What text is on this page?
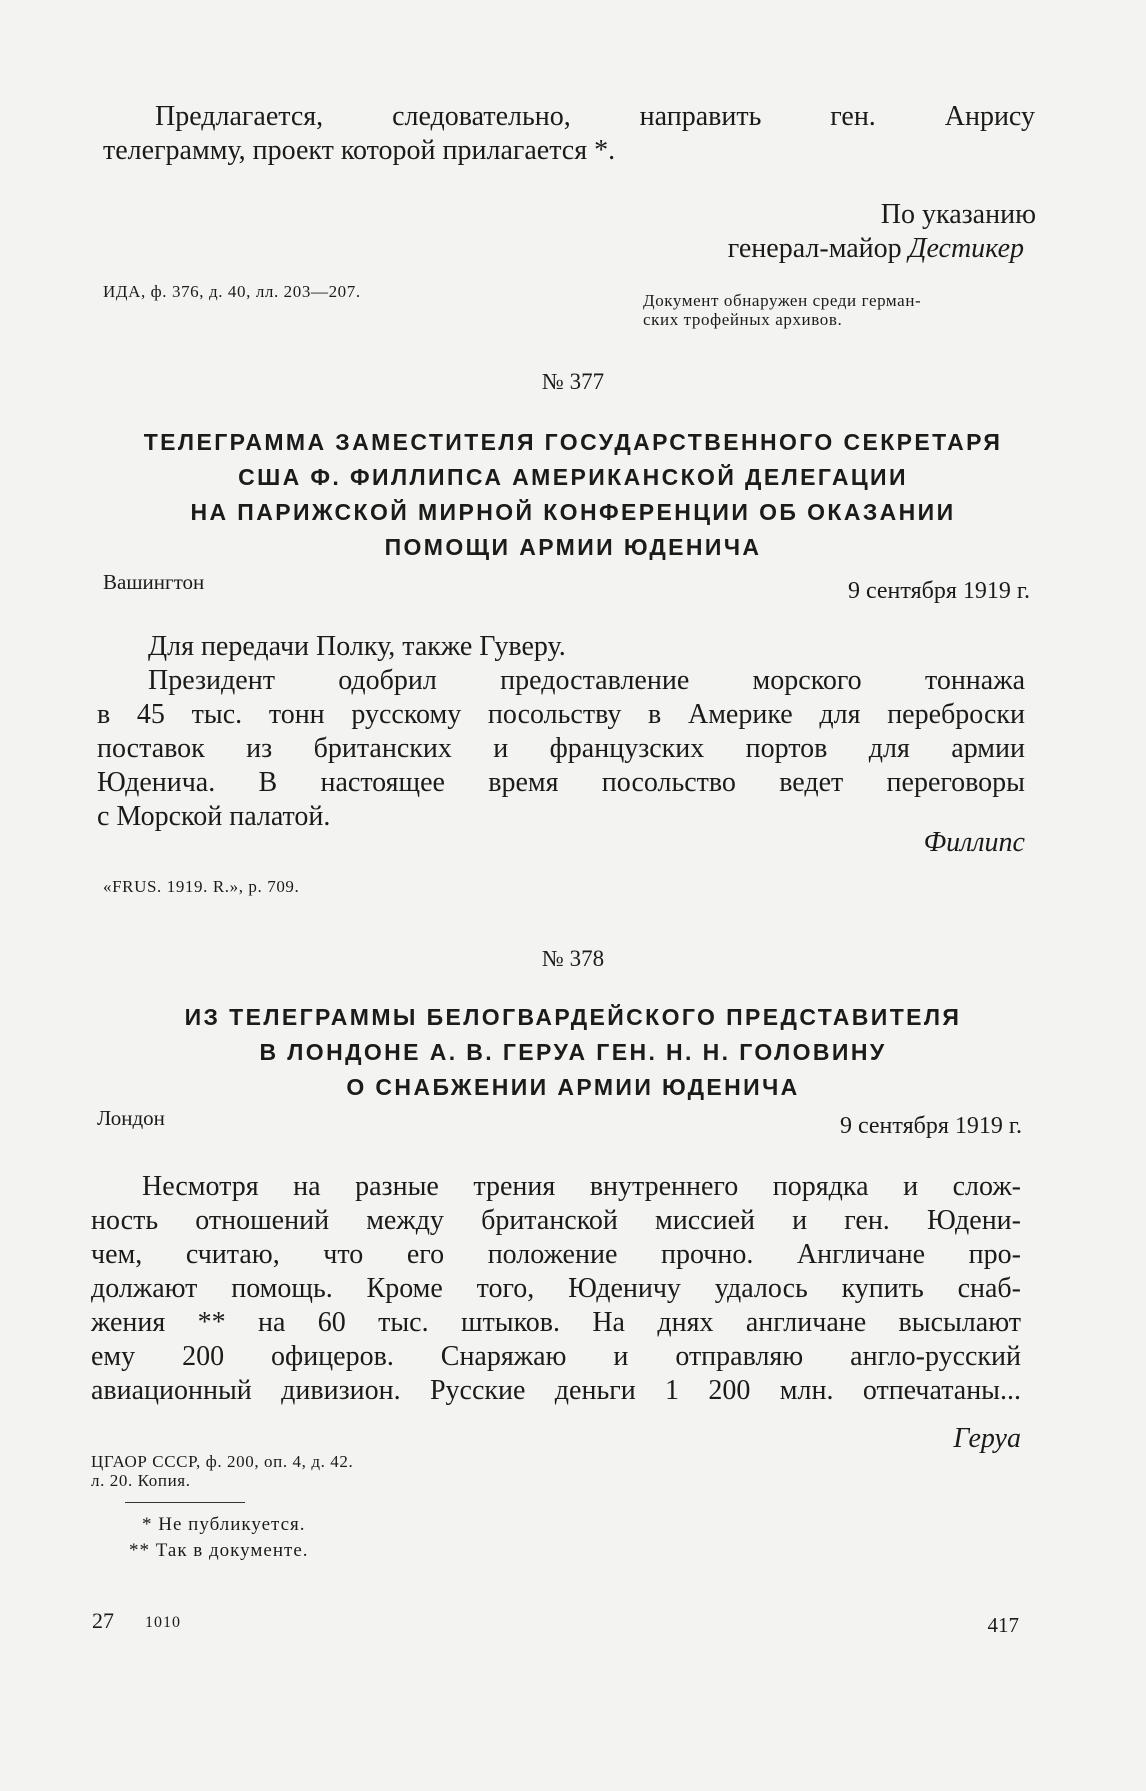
Предлагается, следовательно, направить ген. Анрису

телеграмму, проект которой прилагается *.

По указанию

генерал-майор Дестикер

ИДА, ф. 376, д. 40, лл. 203—207.	Документ обнаружен среди герман-

ских трофейных архивов.

№ 377

ТЕЛЕГРАММА ЗАМЕСТИТЕЛЯ ГОСУДАРСТВЕННОГО СЕКРЕТАРЯ

США Ф. ФИЛЛИПСА АМЕРИКАНСКОЙ ДЕЛЕГАЦИИ

НА ПАРИЖСКОЙ МИРНОЙ КОНФЕРЕНЦИИ ОБ ОКАЗАНИИ

ПОМОЩИ АРМИИ ЮДЕНИЧА

Вашингтон	9 сентября 1919 г.

Для передачи Полку, также Гуверу.

Президент одобрил предоставление морского тоннажа

в 45 тыс. тонн русскому посольству в Америке для переброски

поставок из британских и французских портов для армии

Юденича. В настоящее время посольство ведет переговоры

с Морской палатой.

Филлипс

«FRUS. 1919. R.», p. 709.

№ 378

ИЗ ТЕЛЕГРАММЫ БЕЛОГВАРДЕЙСКОГО ПРЕДСТАВИТЕЛЯ

В ЛОНДОНЕ А. В. ГЕРУА ГЕН. Н. Н. ГОЛОВИНУ

О СНАБЖЕНИИ АРМИИ ЮДЕНИЧА

Лондон	9 сентября 1919 г.

Несмотря на разные трения внутреннего порядка и слож-

ность отношений между британской миссией и ген. Юдени-

чем, считаю, что его положение прочно. Англичане про-

должают помощь. Кроме того, Юденичу удалось купить снаб-

жения ** на 60 тыс. штыков. На днях англичане высылают

ему 200 офицеров. Снаряжаю и отправляю англо-русский

авиационный дивизион. Русские деньги 1 200 млн. отпечатаны...

Геруа

ЦГАОР СССР, ф. 200, оп. 4, д. 42.

л. 20. Копия.

* Не публикуется.

** Так в документе.

27 1010	417
